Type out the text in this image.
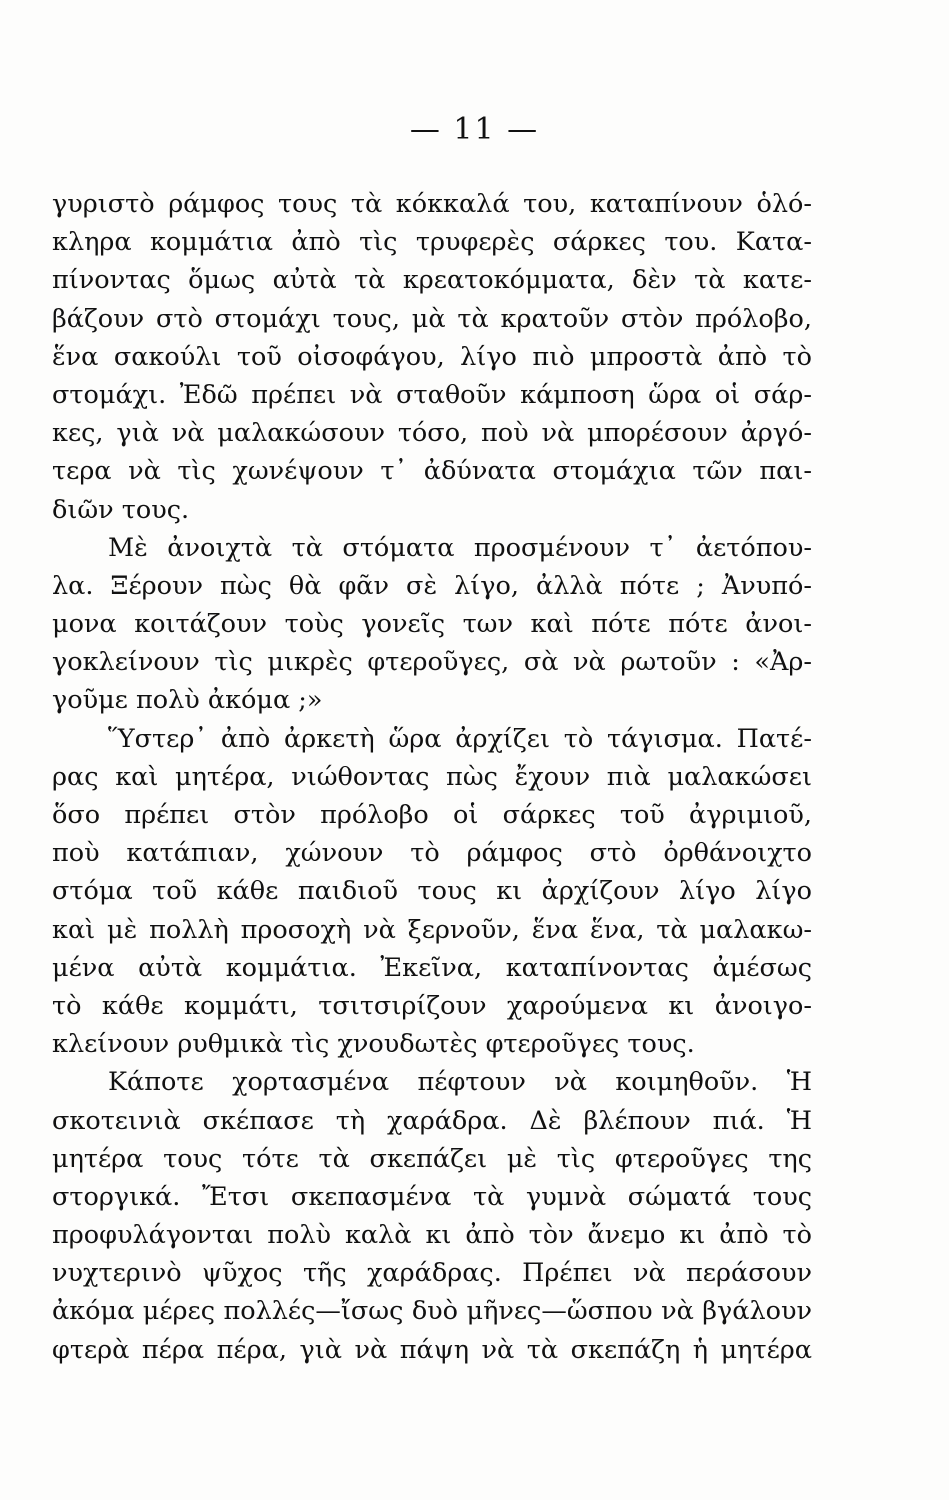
— 11 —
γυριστὸ ράμφος τους τὰ κόκκαλά του, καταπίνουν ὁλό-
κληρα κομμάτια ἀπὸ τὶς τρυφερὲς σάρκες του. Κατα-
πίνοντας ὅμως αὐτὰ τὰ κρεατοκόμματα, δὲν τὰ κατε-
βάζουν στὸ στομάχι τους, μὰ τὰ κρατοῦν στὸν πρόλοβο,
ἕνα σακούλι τοῦ οἰσοφάγου, λίγο πιὸ μπροστὰ ἀπὸ τὸ
στομάχι. Ἐδῶ πρέπει νὰ σταθοῦν κάμποση ὥρα οἱ σάρ-
κες, γιὰ νὰ μαλακώσουν τόσο, ποὺ νὰ μπορέσουν ἀργό-
τερα νὰ τὶς χωνέψουν τ᾽ ἀδύνατα στομάχια τῶν παι-
διῶν τους.
Μὲ ἀνοιχτὰ τὰ στόματα προσμένουν τ᾽ ἀετόπου-
λα. Ξέρουν πὼς θὰ φᾶν σὲ λίγο, ἀλλὰ πότε ; Ἀνυπό-
μονα κοιτάζουν τοὺς γονεῖς των καὶ πότε πότε ἀνοι-
γοκλείνουν τὶς μικρὲς φτεροῦγες, σὰ νὰ ρωτοῦν : «Ἀρ-
γοῦμε πολὺ ἀκόμα ;»
Ὕστερ᾽ ἀπὸ ἀρκετὴ ὥρα ἀρχίζει τὸ τάγισμα. Πατέ-
ρας καὶ μητέρα, νιώθοντας πὼς ἔχουν πιὰ μαλακώσει
ὅσο πρέπει στὸν πρόλοβο οἱ σάρκες τοῦ ἀγριμιοῦ,
ποὺ κατάπιαν, χώνουν τὸ ράμφος στὸ ὀρθάνοιχτο
στόμα τοῦ κάθε παιδιοῦ τους κι ἀρχίζουν λίγο λίγο
καὶ μὲ πολλὴ προσοχὴ νὰ ξερνοῦν, ἕνα ἕνα, τὰ μαλακω-
μένα αὐτὰ κομμάτια. Ἐκεῖνα, καταπίνοντας ἀμέσως
τὸ κάθε κομμάτι, τσιτσιρίζουν χαρούμενα κι ἀνοιγο-
κλείνουν ρυθμικὰ τὶς χνουδωτὲς φτεροῦγες τους.
Κάποτε χορτασμένα πέφτουν νὰ κοιμηθοῦν. Ἡ
σκοτεινιὰ σκέπασε τὴ χαράδρα. Δὲ βλέπουν πιά. Ἡ
μητέρα τους τότε τὰ σκεπάζει μὲ τὶς φτεροῦγες της
στοργικά. Ἔτσι σκεπασμένα τὰ γυμνὰ σώματά τους
προφυλάγονται πολὺ καλὰ κι ἀπὸ τὸν ἄνεμο κι ἀπὸ τὸ
νυχτερινὸ ψῦχος τῆς χαράδρας. Πρέπει νὰ περάσουν
ἀκόμα μέρες πολλές—ἴσως δυὸ μῆνες—ὥσπου νὰ βγάλουν
φτερὰ πέρα πέρα, γιὰ νὰ πάψη νὰ τὰ σκεπάζη ἡ μητέρα
